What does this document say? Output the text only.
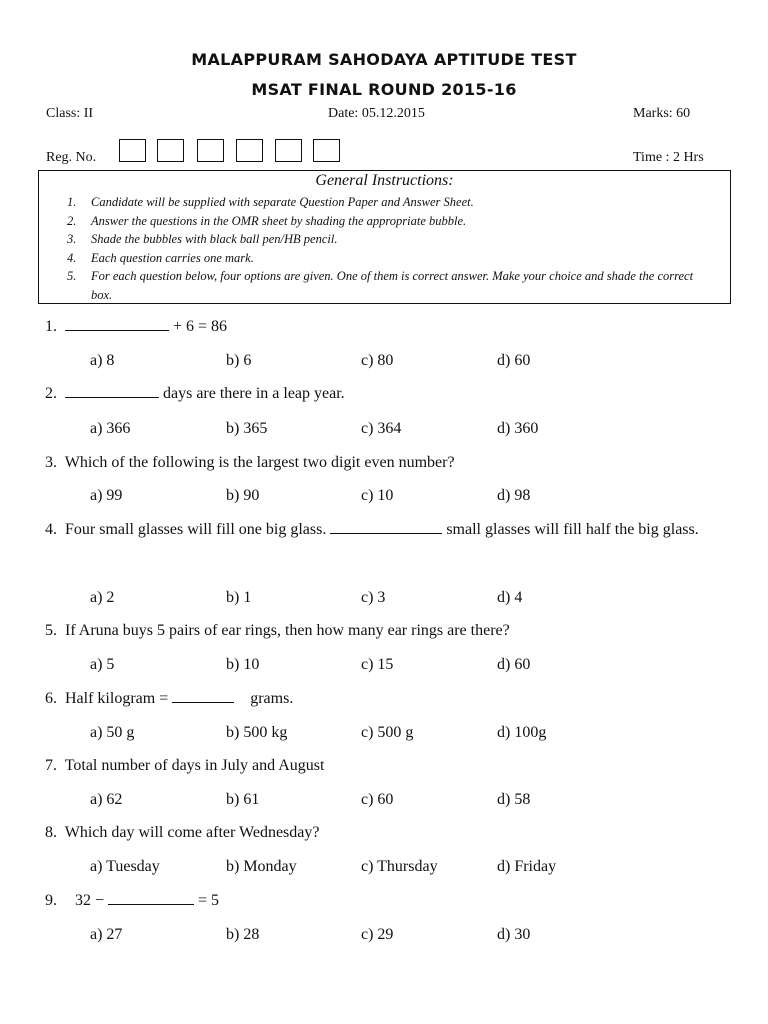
MALAPPURAM SAHODAYA APTITUDE TEST
MSAT FINAL ROUND 2015-16
Class: II	Date: 05.12.2015	Marks: 60
Reg. No.	Time : 2 Hrs
General Instructions:
1. Candidate will be supplied with separate Question Paper and Answer Sheet.
2. Answer the questions in the OMR sheet by shading the appropriate bubble.
3. Shade the bubbles with black ball pen/HB pencil.
4. Each question carries one mark.
5. For each question below, four options are given. One of them is correct answer. Make your choice and shade the correct box.
1.	+ 6 = 86
a) 8	b) 6	c) 80	d) 60
2.	days are there in a leap year.
a) 366	b) 365	c) 364	d) 360
3. Which of the following is the largest two digit even number?
a) 99	b) 90	c) 10	d) 98
4. Four small glasses will fill one big glass.	small glasses will fill half the big glass.
a) 2	b) 1	c) 3	d) 4
5. If Aruna buys 5 pairs of ear rings, then how many ear rings are there?
a) 5	b) 10	c) 15	d) 60
6. Half kilogram =	grams.
a) 50 g	b) 500 kg	c) 500 g	d) 100g
7. Total number of days in July and August
a) 62	b) 61	c) 60	d) 58
8. Which day will come after Wednesday?
a) Tuesday	b) Monday	c) Thursday	d) Friday
9. 32 −	= 5
a) 27	b) 28	c) 29	d) 30
